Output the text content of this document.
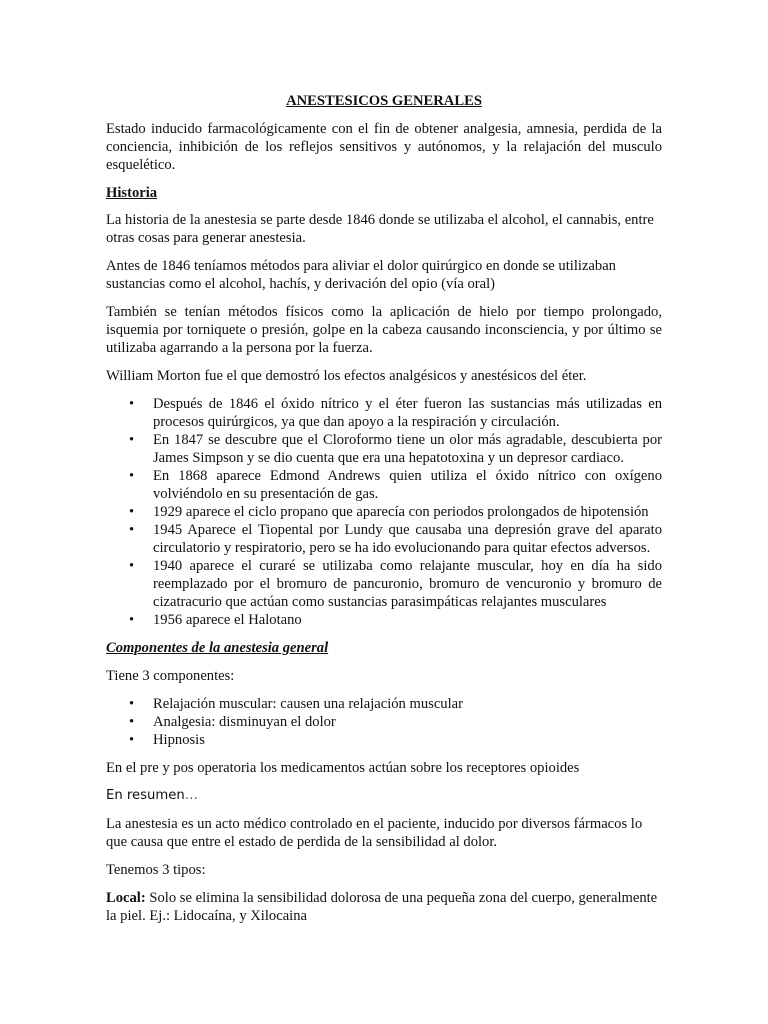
ANESTESICOS GENERALES

Estado inducido farmacológicamente con el fin de obtener analgesia, amnesia, perdida de la conciencia, inhibición de los reflejos sensitivos y autónomos, y la relajación del musculo esquelético.

Historia

La historia de la anestesia se parte desde 1846 donde se utilizaba el alcohol, el cannabis, entre otras cosas para generar anestesia.

Antes de 1846 teníamos métodos para aliviar el dolor quirúrgico en donde se utilizaban sustancias como el alcohol, hachís, y derivación del opio (vía oral)

También se tenían métodos físicos como la aplicación de hielo por tiempo prolongado, isquemia por torniquete o presión, golpe en la cabeza causando inconsciencia, y por último se utilizaba agarrando a la persona por la fuerza.

William Morton fue el que demostró los efectos analgésicos y anestésicos del éter.

• Después de 1846 el óxido nítrico y el éter fueron las sustancias más utilizadas en procesos quirúrgicos, ya que dan apoyo a la respiración y circulación.
• En 1847 se descubre que el Cloroformo tiene un olor más agradable, descubierta por James Simpson y se dio cuenta que era una hepatotoxina y un depresor cardiaco.
• En 1868 aparece Edmond Andrews quien utiliza el óxido nítrico con oxígeno volviéndolo en su presentación de gas.
• 1929 aparece el ciclo propano que aparecía con periodos prolongados de hipotensión
• 1945 Aparece el Tiopental por Lundy que causaba una depresión grave del aparato circulatorio y respiratorio, pero se ha ido evolucionando para quitar efectos adversos.
• 1940 aparece el curaré se utilizaba como relajante muscular, hoy en día ha sido reemplazado por el bromuro de pancuronio, bromuro de vencuronio y bromuro de cizatracurio que actúan como sustancias parasimpáticas relajantes musculares
• 1956 aparece el Halotano
Componentes de la anestesia general

Tiene 3 componentes:

• Relajación muscular: causen una relajación muscular
• Analgesia: disminuyan el dolor
• Hipnosis

En el pre y pos operatoria los medicamentos actúan sobre los receptores opioides

En resumen…

La anestesia es un acto médico controlado en el paciente, inducido por diversos fármacos lo que causa que entre el estado de perdida de la sensibilidad al dolor.

Tenemos 3 tipos:

Local: Solo se elimina la sensibilidad dolorosa de una pequeña zona del cuerpo, generalmente la piel. Ej.: Lidocaína, y Xilocaina
